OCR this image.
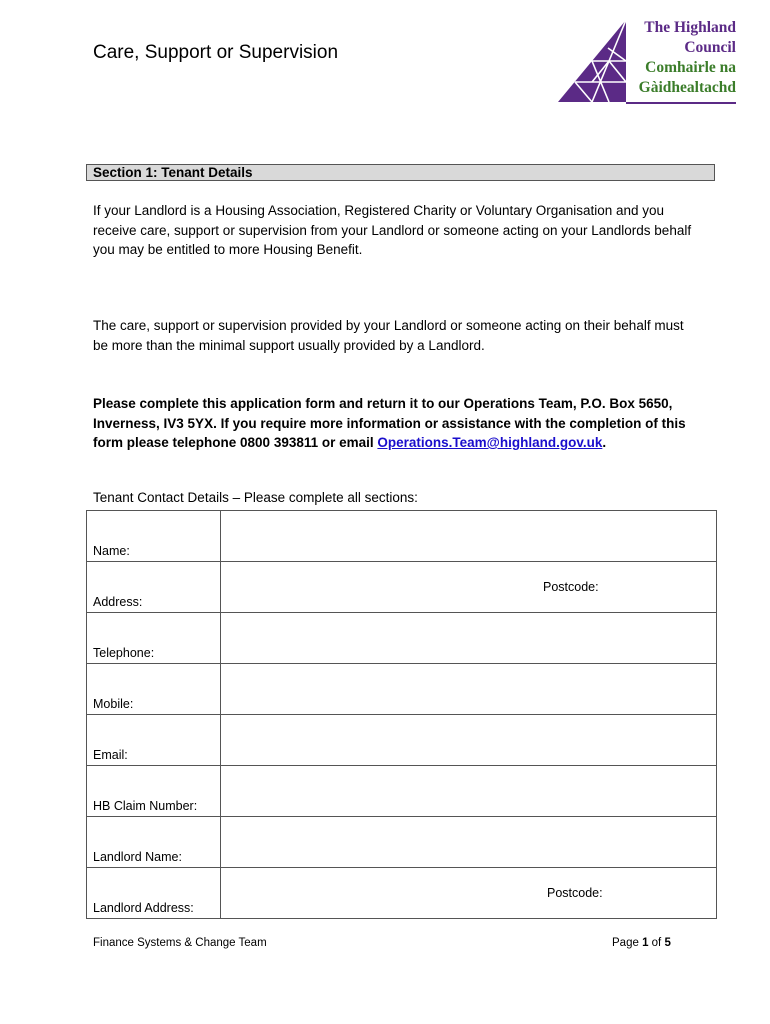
Care, Support or Supervision
The Highland

Council
Comhairle na
Gàidhealtachd
Section 1: Tenant Details

If your Landlord is a Housing Association, Registered Charity or Voluntary Organisation and you receive care, support or supervision from your Landlord or someone acting on your Landlords behalf you may be entitled to more Housing Benefit.

The care, support or supervision provided by your Landlord or someone acting on their behalf must be more than the minimal support usually provided by a Landlord.

Please complete this application form and return it to our Operations Team, P.O. Box 5650, Inverness, IV3 5YX. If you require more information or assistance with the completion of this form please telephone 0800 393811 or email Operations.Team@highland.gov.uk.

Tenant Contact Details – Please complete all sections:
Name:	
Address:	Postcode:

Telephone:	
Mobile:	
Email:	
HB Claim Number:	
Landlord Name:	
Landlord Address:	Postcode:
Finance Systems & Change Team	Page 1 of 5
